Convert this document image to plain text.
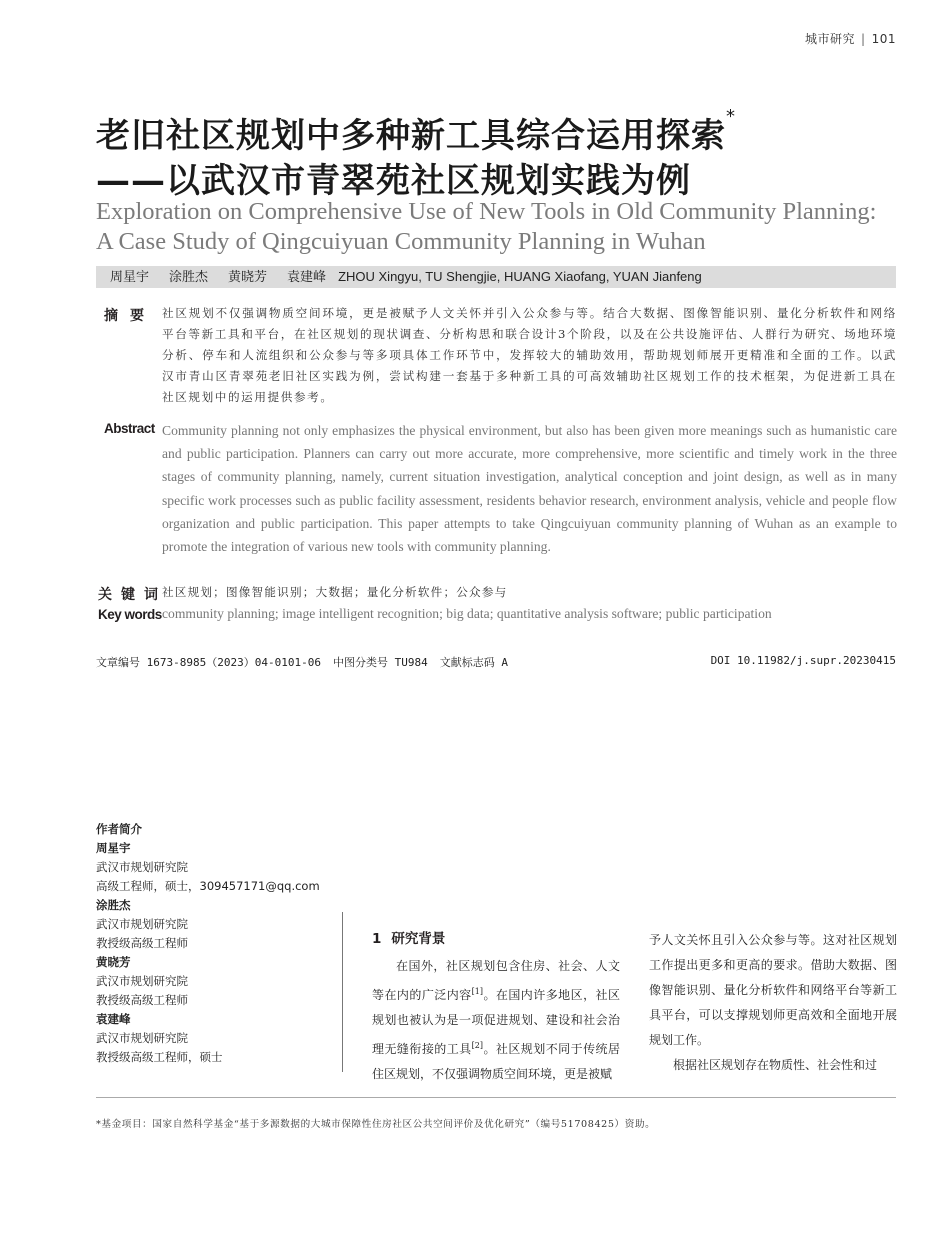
城市研究 | 101
老旧社区规划中多种新工具综合运用探索*
——以武汉市青翠苑社区规划实践为例
Exploration on Comprehensive Use of New Tools in Old Community Planning:
A Case Study of Qingcuiyuan Community Planning in Wuhan
周星宇 涂胜杰 黄晓芳 袁建峰 ZHOU Xingyu, TU Shengjie, HUANG Xiaofang, YUAN Jianfeng
摘要 社区规划不仅强调物质空间环境，更是被赋予人文关怀并引入公众参与等。结合大数据、图像智能识别、量化分析软件和网络平台等新工具和平台，在社区规划的现状调查、分析构思和联合设计3个阶段，以及在公共设施评估、人群行为研究、场地环境分析、停车和人流组织和公众参与等多项具体工作环节中，发挥较大的辅助效用，帮助规划师展开更精准和全面的工作。以武汉市青山区青翠苑老旧社区实践为例，尝试构建一套基于多种新工具的可高效辅助社区规划工作的技术框架，为促进新工具在社区规划中的运用提供参考。
Abstract Community planning not only emphasizes the physical environment, but also has been given more meanings such as humanistic care and public participation. Planners can carry out more accurate, more comprehensive, more scientific and timely work in the three stages of community planning, namely, current situation investigation, analytical conception and joint design, as well as in many specific work processes such as public facility assessment, residents behavior research, environment analysis, vehicle and people flow organization and public participation. This paper attempts to take Qingcuiyuan community planning of Wuhan as an example to promote the integration of various new tools with community planning.
关键词
社区规划；图像智能识别；大数据；量化分析软件；公众参与
Key words community planning; image intelligent recognition; big data; quantitative analysis software; public participation
文章编号 1673-8985（2023）04-0101-06 中图分类号 TU984 文献标志码 A	DOI 10.11982/j.supr.20230415
作者简介
周星宇
武汉市规划研究院
高级工程师，硕士，309457171@qq.com
涂胜杰
武汉市规划研究院
教授级高级工程师
黄晓芳
武汉市规划研究院
教授级高级工程师
袁建峰
武汉市规划研究院
教授级高级工程师，硕士
1 研究背景

在国外，社区规划包含住房、社会、人文等在内的广泛内容[1]。在国内许多地区，社区规划也被认为是一项促进规划、建设和社会治理无缝衔接的工具[2]。社区规划不同于传统居住区规划，不仅强调物质空间环境，更是被赋

予人文关怀且引入公众参与等。这对社区规划工作提出更多和更高的要求。借助大数据、图像智能识别、量化分析软件和网络平台等新工具平台，可以支撑规划师更高效和全面地开展规划工作。

根据社区规划存在物质性、社会性和过

*基金项目：国家自然科学基金“基于多源数据的大城市保障性住房社区公共空间评价及优化研究”（编号51708425）资助。
